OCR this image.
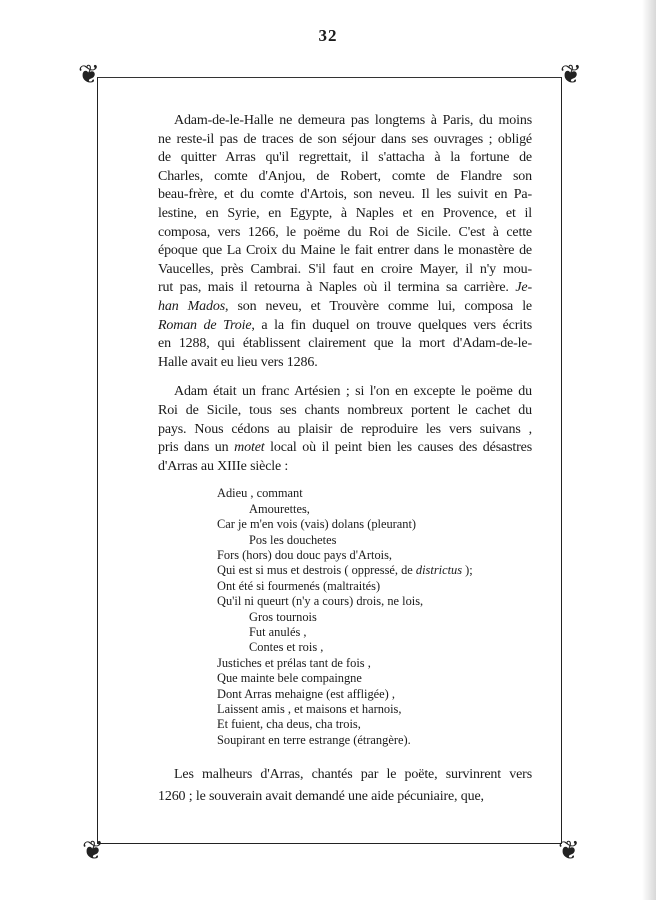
32
❦	❦
❦	❦
Adam-de-le-Halle ne demeura pas longtems à Paris, du moins
ne reste-il pas de traces de son séjour dans ses ouvrages ; obligé
de quitter Arras qu'il regrettait, il s'attacha à la fortune de
Charles, comte d'Anjou, de Robert, comte de Flandre son
beau-frère, et du comte d'Artois, son neveu. Il les suivit en Pa-
lestine, en Syrie, en Egypte, à Naples et en Provence, et il
composa, vers 1266, le poëme du Roi de Sicile. C'est à cette
époque que La Croix du Maine le fait entrer dans le monastère de
Vaucelles, près Cambrai. S'il faut en croire Mayer, il n'y mou-
rut pas, mais il retourna à Naples où il termina sa carrière. Je-
han Mados, son neveu, et Trouvère comme lui, composa le
Roman de Troie, a la fin duquel on trouve quelques vers écrits
en 1288, qui établissent clairement que la mort d'Adam-de-le-
Halle avait eu lieu vers 1286.
Adam était un franc Artésien ; si l'on en excepte le poëme du
Roi de Sicile, tous ses chants nombreux portent le cachet du
pays. Nous cédons au plaisir de reproduire les vers suivans ,
pris dans un motet local où il peint bien les causes des désastres
d'Arras au XIIIe siècle :
Adieu , commant
Amourettes,
Car je m'en vois (vais) dolans (pleurant)
Pos les douchetes
Fors (hors) dou douc pays d'Artois,
Qui est si mus et destrois ( oppressé, de districtus );
Ont été si fourmenés (maltraités)
Qu'il ni queurt (n'y a cours) drois, ne lois,
Gros tournois
Fut anulés ,
Contes et rois ,
Justiches et prélas tant de fois ,
Que mainte bele compaingne
Dont Arras mehaigne (est affligée) ,
Laissent amis , et maisons et harnois,
Et fuient, cha deus, cha trois,
Soupirant en terre estrange (étrangère).
Les malheurs d'Arras, chantés par le poëte, survinrent vers
1260 ; le souverain avait demandé une aide pécuniaire, que,
